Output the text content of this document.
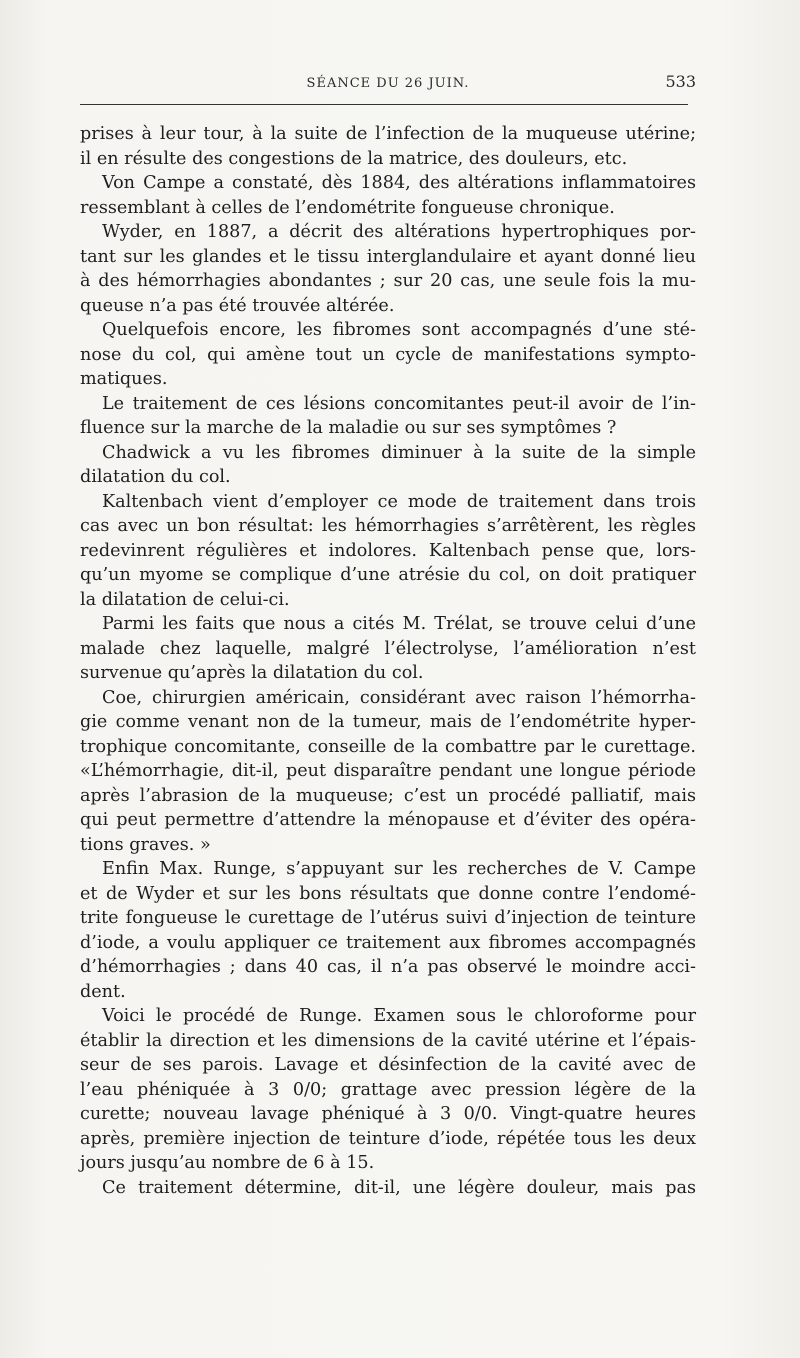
SÉANCE DU 26 JUIN.	533
prises à leur tour, à la suite de l’infection de la muqueuse utérine;
il en résulte des congestions de la matrice, des douleurs, etc.
Von Campe a constaté, dès 1884, des altérations inflammatoires
ressemblant à celles de l’endométrite fongueuse chronique.
Wyder, en 1887, a décrit des altérations hypertrophiques por-
tant sur les glandes et le tissu interglandulaire et ayant donné lieu
à des hémorrhagies abondantes ; sur 20 cas, une seule fois la mu-
queuse n’a pas été trouvée altérée.
Quelquefois encore, les fibromes sont accompagnés d’une sté-
nose du col, qui amène tout un cycle de manifestations sympto-
matiques.
Le traitement de ces lésions concomitantes peut-il avoir de l’in-
fluence sur la marche de la maladie ou sur ses symptômes ?
Chadwick a vu les fibromes diminuer à la suite de la simple
dilatation du col.
Kaltenbach vient d’employer ce mode de traitement dans trois
cas avec un bon résultat: les hémorrhagies s’arrêtèrent, les règles
redevinrent régulières et indolores. Kaltenbach pense que, lors-
qu’un myome se complique d’une atrésie du col, on doit pratiquer
la dilatation de celui-ci.
Parmi les faits que nous a cités M. Trélat, se trouve celui d’une
malade chez laquelle, malgré l’électrolyse, l’amélioration n’est
survenue qu’après la dilatation du col.
Coe, chirurgien américain, considérant avec raison l’hémorrha-
gie comme venant non de la tumeur, mais de l’endométrite hyper-
trophique concomitante, conseille de la combattre par le curettage.
«L’hémorrhagie, dit-il, peut disparaître pendant une longue période
après l’abrasion de la muqueuse; c’est un procédé palliatif, mais
qui peut permettre d’attendre la ménopause et d’éviter des opéra-
tions graves. »
Enfin Max. Runge, s’appuyant sur les recherches de V. Campe
et de Wyder et sur les bons résultats que donne contre l’endomé-
trite fongueuse le curettage de l’utérus suivi d’injection de teinture
d’iode, a voulu appliquer ce traitement aux fibromes accompagnés
d’hémorrhagies ; dans 40 cas, il n’a pas observé le moindre acci-
dent.
Voici le procédé de Runge. Examen sous le chloroforme pour
établir la direction et les dimensions de la cavité utérine et l’épais-
seur de ses parois. Lavage et désinfection de la cavité avec de
l’eau phéniquée à 3 0/0; grattage avec pression légère de la
curette; nouveau lavage phéniqué à 3 0/0. Vingt-quatre heures
après, première injection de teinture d’iode, répétée tous les deux
jours jusqu’au nombre de 6 à 15.
Ce traitement détermine, dit-il, une légère douleur, mais pas
